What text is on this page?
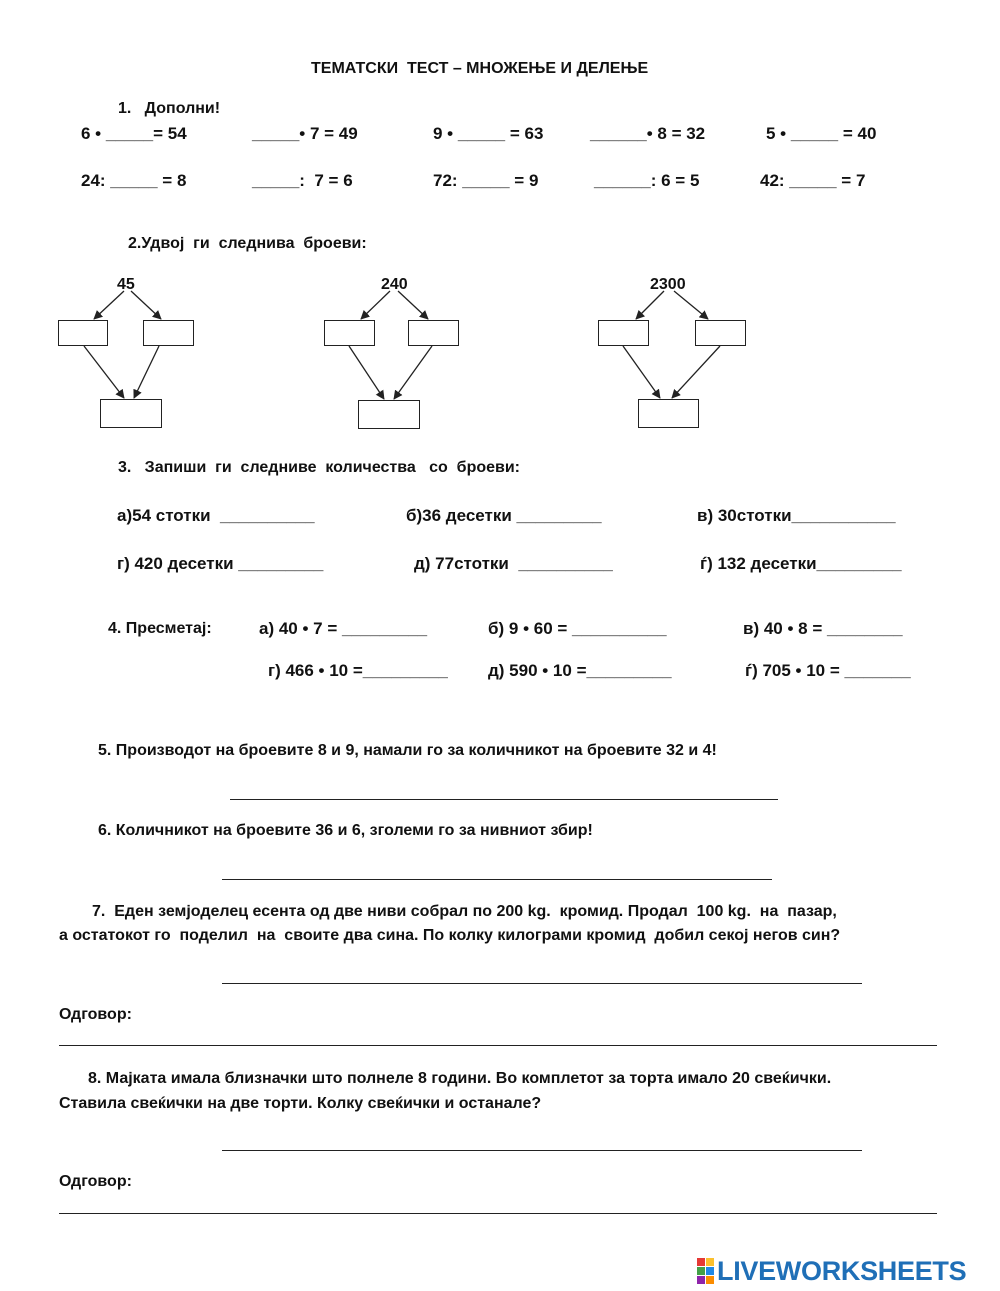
ТЕМАТСКИ  ТЕСТ – МНОЖЕЊЕ И ДЕЛЕЊЕ
1.   Дополни!
6 • _____= 54	_____• 7 = 49	9 • _____ = 63	______• 8 = 32	5 • _____ = 40
24: _____ = 8	_____:  7 = 6	72: _____ = 9	______: 6 = 5	42: _____ = 7
2.Удвој  ги  следнива  броеви:
45	240	2300
3.   Запиши  ги  следниве  количества   со  броеви:
а)54 стотки  __________	б)36 десетки _________	в) 30стотки___________
г) 420 десетки _________	д) 77стотки  __________	ѓ) 132 десетки_________
4. Пресметај:	а) 40 • 7 = _________	б) 9 • 60 = __________	в) 40 • 8 = ________
г) 466 • 10 =_________ д) 590 • 10 =_________	ѓ) 705 • 10 = _______
5. Производот на броевите 8 и 9, намали го за количникот на броевите 32 и 4!
6. Количникот на броевите 36 и 6, зголеми го за нивниот збир!
7.  Еден земјоделец есента од две ниви собрал по 200 kg.  кромид. Продал  100 kg.  на  пазар,
а остатокот го  поделил  на  своите два сина. По колку килограми кромид  добил секој негов син?
Одговор:
8. Мајката имала близначки што полнеле 8 години. Во комплетот за торта имало 20 свеќички.
Ставила свеќички на две торти. Колку свеќички и останале?
Одговор:
LIVEWORKSHEETS
